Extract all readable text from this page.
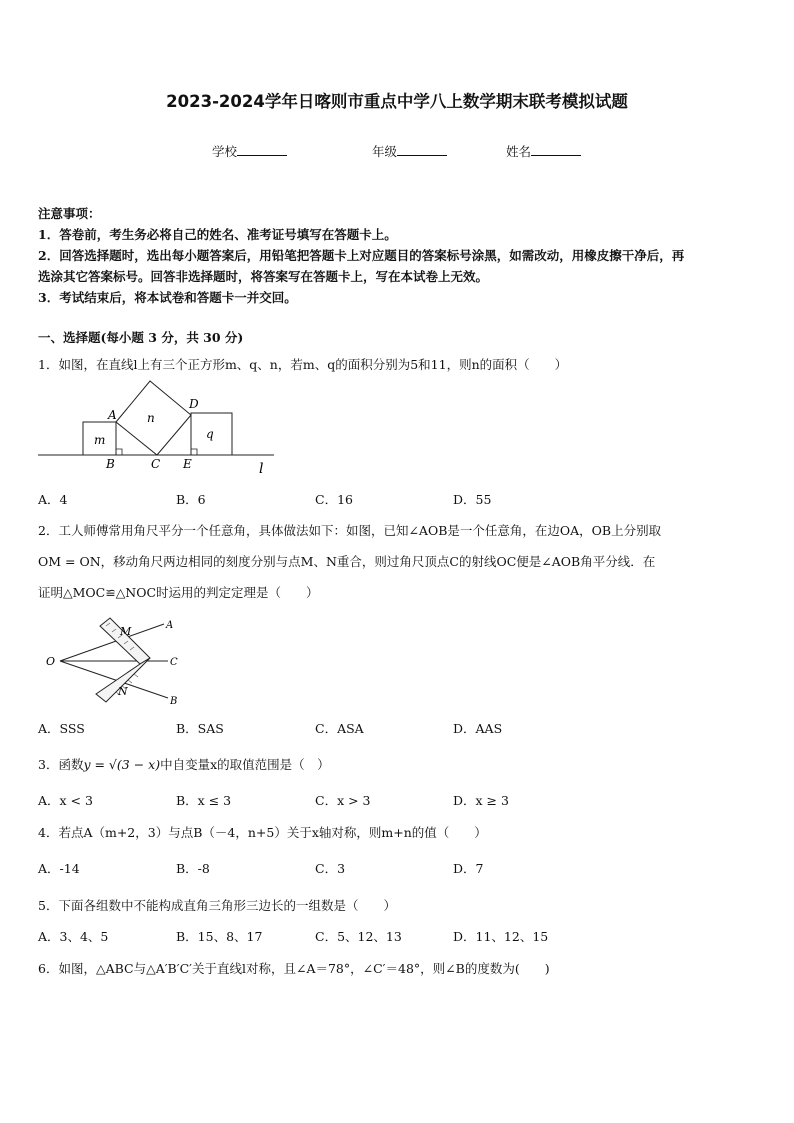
2023-2024学年日喀则市重点中学八上数学期末联考模拟试题
学校	年级	姓名
注意事项：
1．答卷前，考生务必将自己的姓名、准考证号填写在答题卡上。
2．回答选择题时，选出每小题答案后，用铅笔把答题卡上对应题目的答案标号涂黑，如需改动，用橡皮擦干净后，再
选涂其它答案标号。回答非选择题时，将答案写在答题卡上，写在本试卷上无效。
3．考试结束后，将本试卷和答题卡一并交回。
一、选择题(每小题 3 分，共 30 分)
1．如图，在直线l上有三个正方形m、q、n，若m、q的面积分别为5和11，则n的面积（　　）
m
n
q
A
B	C
D
E	l
A．4	B．6	C．16	D．55
2．工人师傅常用角尺平分一个任意角，具体做法如下：如图，已知∠AOB是一个任意角，在边OA，OB上分别取
OM = ON，移动角尺两边相同的刻度分别与点M、N重合，则过角尺顶点C的射线OC便是∠AOB角平分线．在
证明△MOC≌△NOC时运用的判定定理是（　　）
O
M
N
A
B
C
A．SSS	B．SAS	C．ASA	D．AAS
3．函数y = √(3 − x)中自变量x的取值范围是（　）
A．x < 3	B．x ≤ 3	C．x > 3	D．x ≥ 3
4．若点A（m+2，3）与点B（－4，n+5）关于x轴对称，则m+n的值（　　）
A．-14	B．-8	C．3	D．7
5．下面各组数中不能构成直角三角形三边长的一组数是（　　）
A．3、4、5	B．15、8、17	C．5、12、13	D．11、12、15
6．如图，△ABC与△A′B′C′关于直线l对称，且∠A＝78°，∠C′＝48°，则∠B的度数为(　　)
